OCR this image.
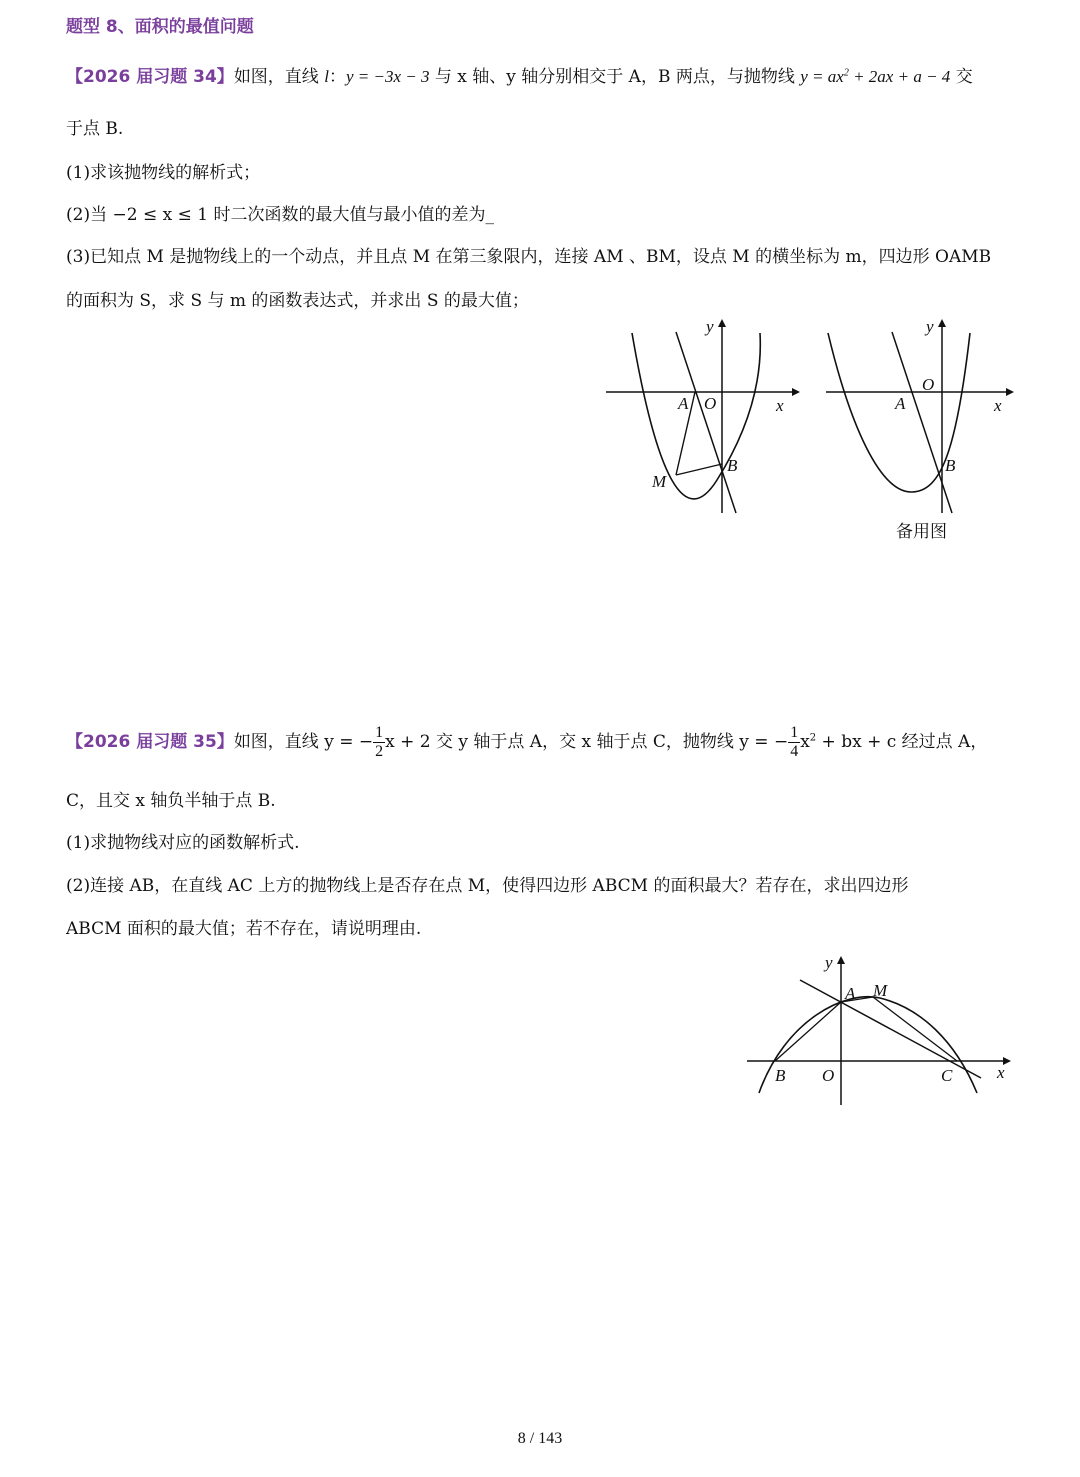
题型 8、面积的最值问题
【2026 届习题 34】如图，直线 l：y = −3x − 3 与 x 轴、y 轴分别相交于 A，B 两点，与抛物线 $y = ax^2 + 2ax + a - 4$ 交
于点 B.
(1)求该抛物线的解析式；
(2)当 −2 ≤ x ≤ 1 时二次函数的最大值与最小值的差为_
(3)已知点 M 是抛物线上的一个动点，并且点 M 在第三象限内，连接 AM 、BM，设点 M 的横坐标为 m，四边形 OAMB
的面积为 S，求 S 与 m 的函数表达式，并求出 S 的最大值；
y
x
A O
B
M
y
x
A
O
B
备用图
【2026 届习题 35】如图，直线 y = − $\frac{1}{2}$ x + 2 交 y 轴于点 A，交 x 轴于点 C，抛物线 y = − $\frac{1}{4} x^2$ + bx + c 经过点 A，
C，且交 x 轴负半轴于点 B.
(1)求抛物线对应的函数解析式.
(2)连接 AB，在直线 AC 上方的抛物线上是否存在点 M，使得四边形 ABCM 的面积最大？若存在，求出四边形
ABCM 面积的最大值；若不存在，请说明理由.
y
x
A M
B O	C
8 / 143
